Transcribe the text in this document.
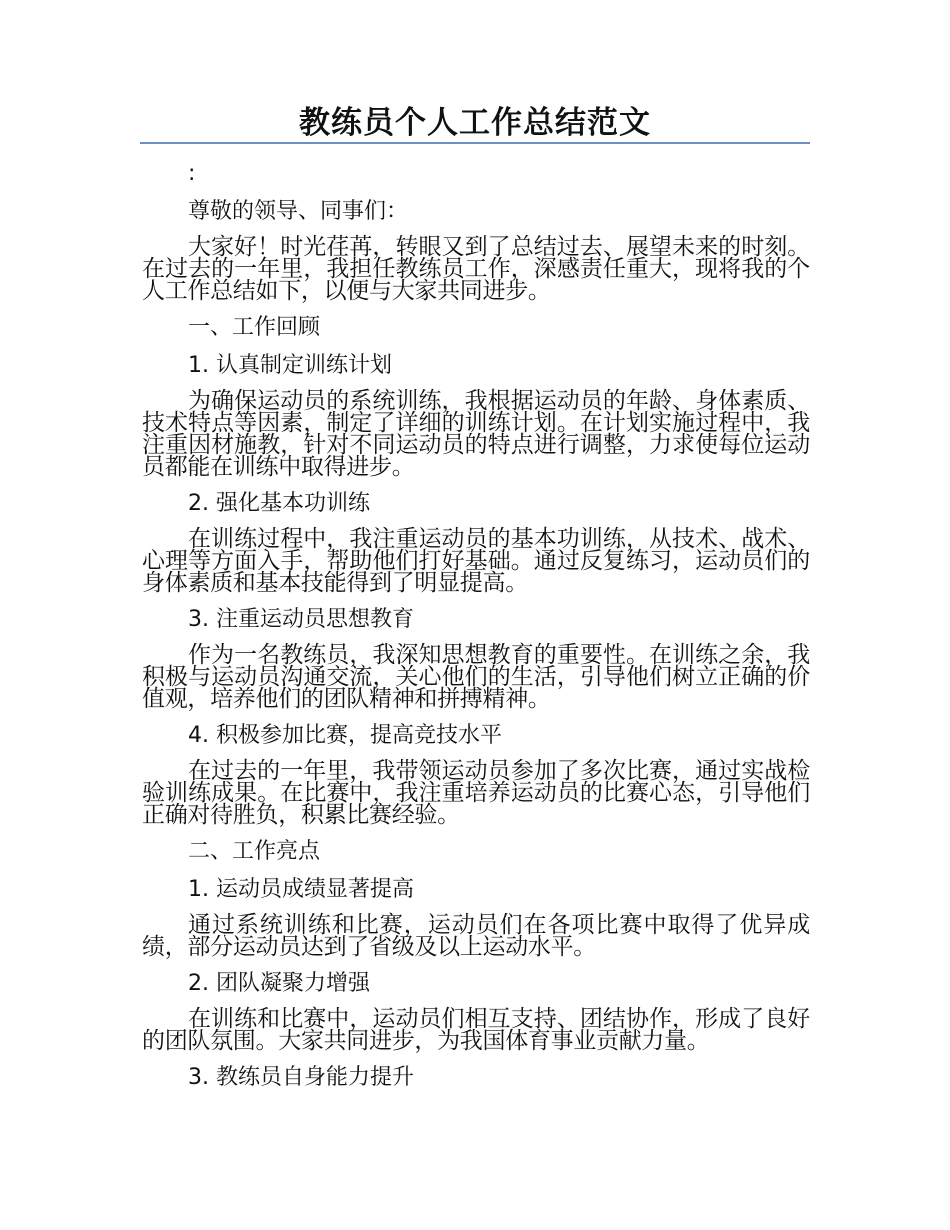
教练员个人工作总结范文
:
尊敬的领导、同事们：
大家好！时光荏苒，转眼又到了总结过去、展望未来的时刻。在过去的一年里，我担任教练员工作，深感责任重大，现将我的个人工作总结如下，以便与大家共同进步。
一、工作回顾
1. 认真制定训练计划
为确保运动员的系统训练，我根据运动员的年龄、身体素质、技术特点等因素，制定了详细的训练计划。在计划实施过程中，我注重因材施教，针对不同运动员的特点进行调整，力求使每位运动员都能在训练中取得进步。
2. 强化基本功训练
在训练过程中，我注重运动员的基本功训练，从技术、战术、心理等方面入手，帮助他们打好基础。通过反复练习，运动员们的身体素质和基本技能得到了明显提高。
3. 注重运动员思想教育
作为一名教练员，我深知思想教育的重要性。在训练之余，我积极与运动员沟通交流，关心他们的生活，引导他们树立正确的价值观，培养他们的团队精神和拼搏精神。
4. 积极参加比赛，提高竞技水平
在过去的一年里，我带领运动员参加了多次比赛，通过实战检验训练成果。在比赛中，我注重培养运动员的比赛心态，引导他们正确对待胜负，积累比赛经验。
二、工作亮点
1. 运动员成绩显著提高
通过系统训练和比赛，运动员们在各项比赛中取得了优异成绩，部分运动员达到了省级及以上运动水平。
2. 团队凝聚力增强
在训练和比赛中，运动员们相互支持、团结协作，形成了良好的团队氛围。大家共同进步，为我国体育事业贡献力量。
3. 教练员自身能力提升
